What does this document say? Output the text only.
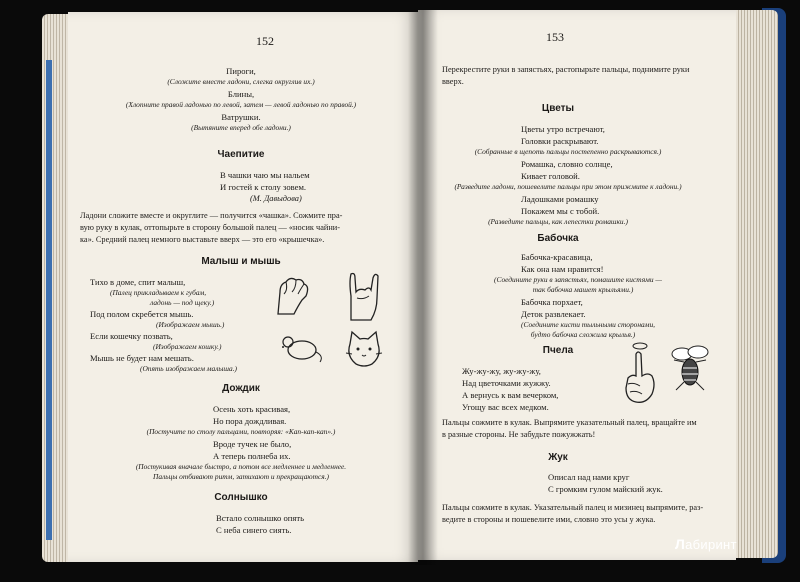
152
Пироги,
(Сложите вместе ладони, слегка округлив их.)
Блины,
(Хлопните правой ладонью по левой, затем — левой ладонью по правой.)
Ватрушки.
(Вытяните вперед обе ладони.)
Чаепитие
В чашки чаю мы нальем
И гостей к столу зовем.
(М. Давыдова)
Ладони сложите вместе и округлите — получится «чашка». Сожмите пра-
вую руку в кулак, оттопырьте в сторону большой палец — «носик чайни-
ка». Средний палец немного выставьте вверх — это его «крышечка».
Малыш и мышь
Тихо в доме, спит малыш,
(Палец прикладываем к губам,
ладонь — под щеку.)
Под полом скребется мышь.
(Изображаем мышь.)
Если кошечку позвать,
(Изображаем кошку.)
Мышь не будет нам мешать.
(Опять изображаем малыша.)
Дождик
Осень хоть красивая,
Но пора дождливая.
(Постучите по столу пальцами, повторяя: «Кап-кап-кап».)
Вроде тучек не было,
А теперь полнеба их.
(Постукивая вначале быстро, а потом все медленнее и медленнее.
Пальцы отбивают ритм, затихают и прекращаются.)
Солнышко
Встало солнышко опять
С неба синего сиять.
153
Перекрестите руки в запястьях, растопырьте пальцы, поднимите руки
вверх.
Цветы
Цветы утро встречают,
Головки раскрывают.
(Собранные в щепоть пальцы постепенно раскрываются.)
Ромашка, словно солнце,
Кивает головой.
(Разведите ладони, пошевелите пальцы при этом прижмите к ладони.)
Ладошками ромашку
Покажем мы с тобой.
(Разведите пальцы, как лепестки ромашки.)
Бабочка
Бабочка-красавица,
Как она нам нравится!
(Соедините руки в запястьях, помашите кистями —
так бабочка машет крыльями.)
Бабочка порхает,
Деток развлекает.
(Соедините кисти тыльными сторонами,
будто бабочка сложила крылья.)
Пчела
Жу-жу-жу, жу-жу-жу,
Над цветочками жужжу.
А вернусь к вам вечерком,
Угощу вас всех медком.
Пальцы сожмите в кулак. Выпрямите указательный палец, вращайте им
в разные стороны. Не забудьте пожужжать!
Жук
Описал над нами круг
С громким гулом майский жук.
Пальцы сожмите в кулак. Указательный палец и мизинец выпрямите, раз-
ведите в стороны и пошевелите ими, словно это усы у жука.
Лабиринт
